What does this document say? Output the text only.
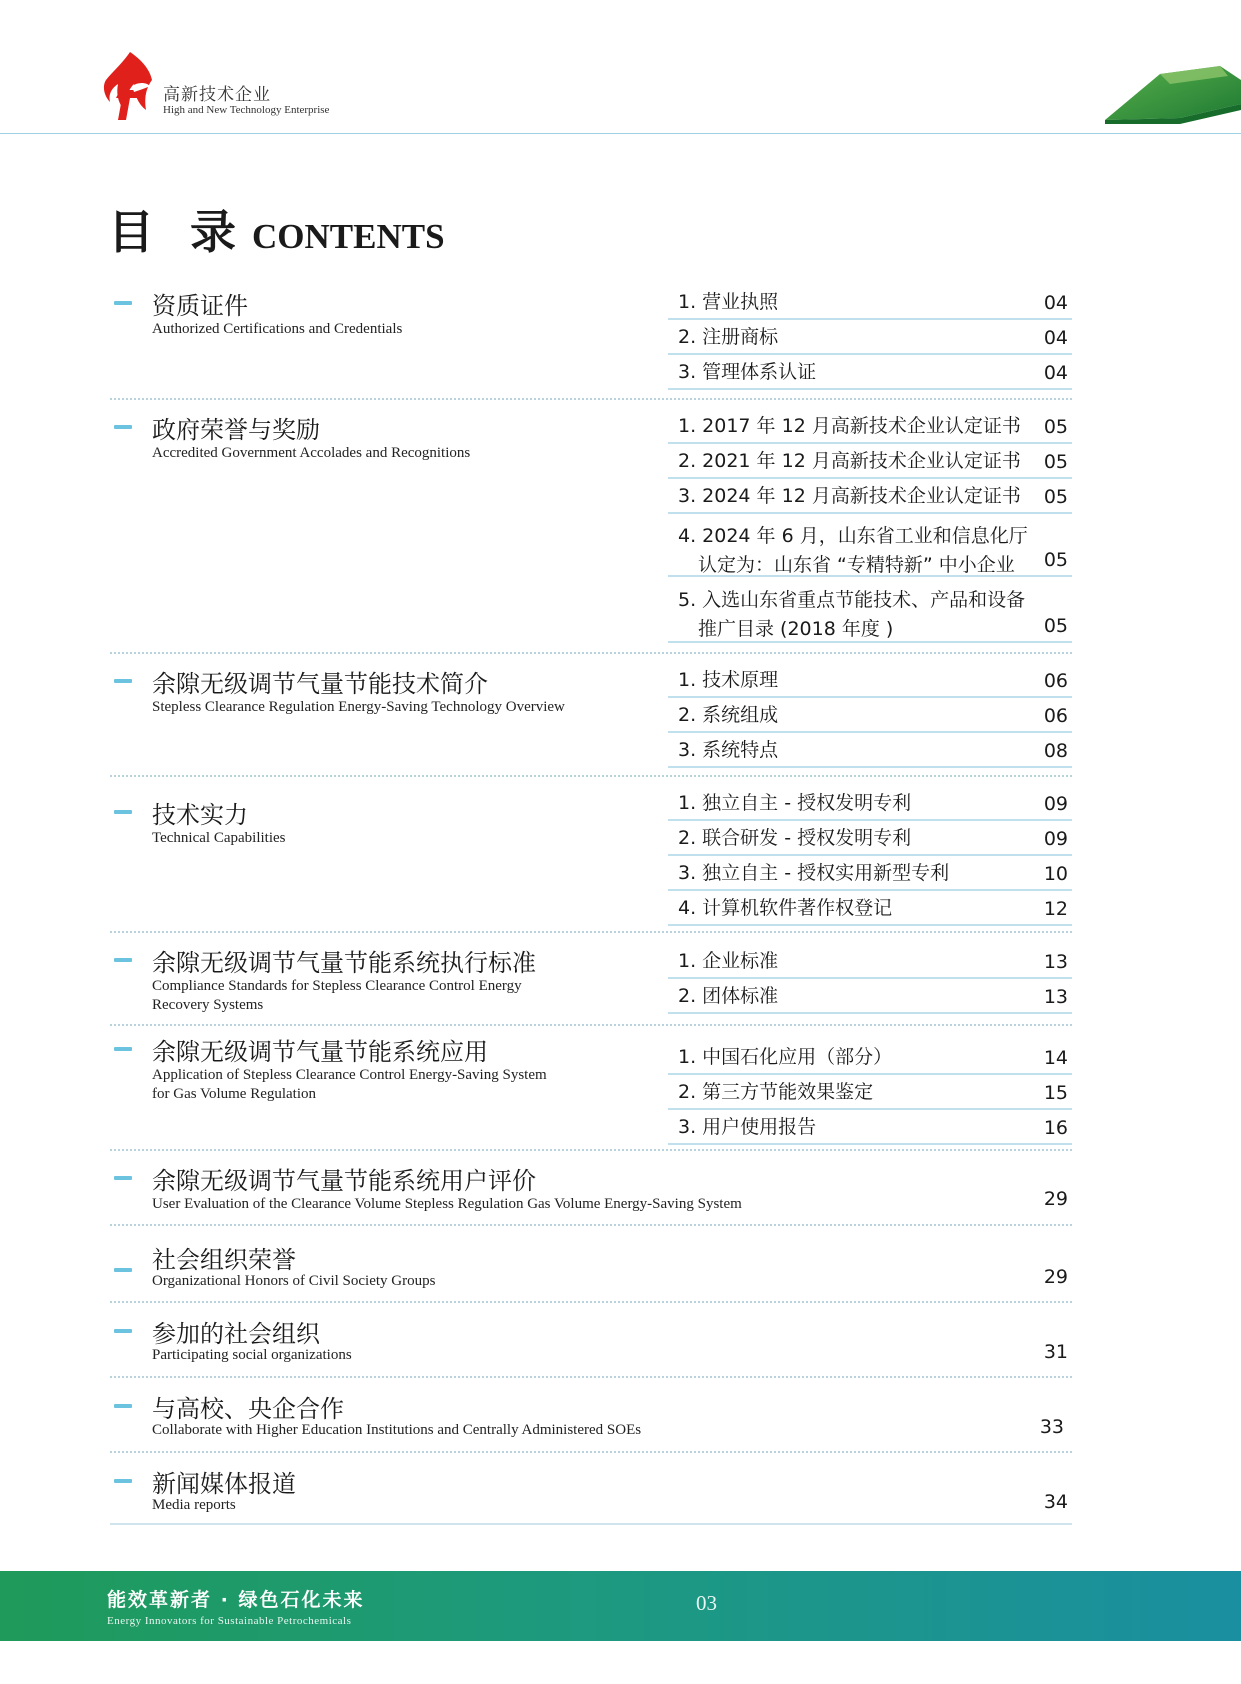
高新技术企业
High and New Technology Enterprise
目 录 CONTENTS
资质证件
Authorized Certifications and Credentials
1. 营业执照	04
2. 注册商标	04
3. 管理体系认证	04
政府荣誉与奖励
Accredited Government Accolades and Recognitions
1. 2017 年 12 月高新技术企业认定证书 05
2. 2021 年 12 月高新技术企业认定证书 05
3. 2024 年 12 月高新技术企业认定证书 05
4. 2024 年 6 月，山东省工业和信息化厅
认定为：山东省 “专精特新” 中小企业 05
5. 入选山东省重点节能技术、产品和设备
推广目录 (2018 年度 )	05
余隙无级调节气量节能技术简介
Stepless Clearance Regulation Energy-Saving Technology Overview
1. 技术原理	06
2. 系统组成	06
3. 系统特点	08
技术实力
Technical Capabilities
1. 独立自主 - 授权发明专利	09
2. 联合研发 - 授权发明专利	09
3. 独立自主 - 授权实用新型专利	10
4. 计算机软件著作权登记	12
余隙无级调节气量节能系统执行标准
Compliance Standards for Stepless Clearance Control Energy
Recovery Systems
1. 企业标准	13
2. 团体标准	13
余隙无级调节气量节能系统应用
Application of Stepless Clearance Control Energy-Saving System
for Gas Volume Regulation
1. 中国石化应用（部分）	14
2. 第三方节能效果鉴定	15
3. 用户使用报告	16
余隙无级调节气量节能系统用户评价
User Evaluation of the Clearance Volume Stepless Regulation Gas Volume Energy-Saving System	29
社会组织荣誉
Organizational Honors of Civil Society Groups	29
参加的社会组织
Participating social organizations	31
与高校、央企合作
Collaborate with Higher Education Institutions and Centrally Administered SOEs	33
新闻媒体报道
Media reports	34
能效革新者 · 绿色石化未来
Energy Innovators for Sustainable Petrochemicals
03
